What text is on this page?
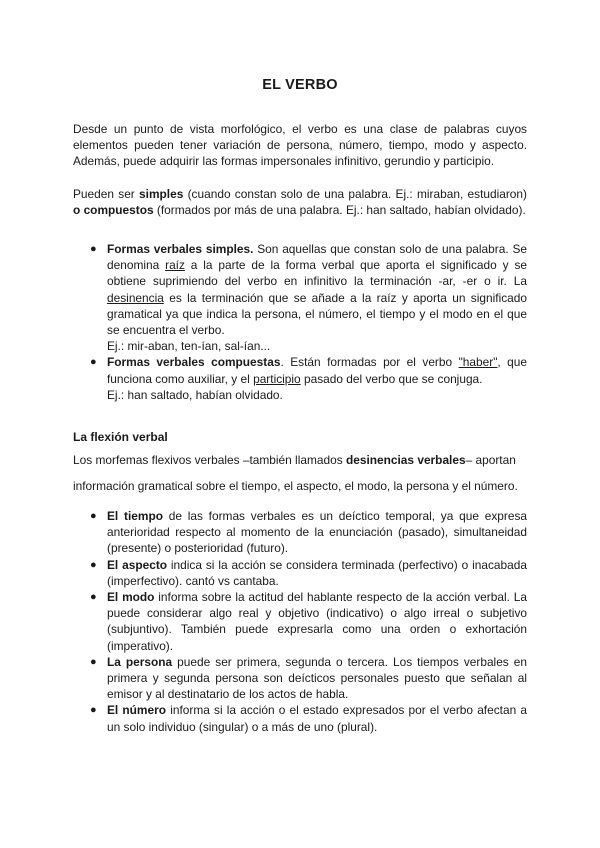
EL VERBO

Desde un punto de vista morfológico, el verbo es una clase de palabras cuyos elementos pueden tener variación de persona, número, tiempo, modo y aspecto. Además, puede adquirir las formas impersonales infinitivo, gerundio y participio.

Pueden ser simples (cuando constan solo de una palabra. Ej.: miraban, estudiaron) o compuestos (formados por más de una palabra. Ej.: han saltado, habían olvidado).

● Formas verbales simples. Son aquellas que constan solo de una palabra. Se denomina raíz a la parte de la forma verbal que aporta el significado y se obtiene suprimiendo del verbo en infinitivo la terminación -ar, -er o ir. La desinencia es la terminación que se añade a la raíz y aporta un significado gramatical ya que indica la persona, el número, el tiempo y el modo en el que se encuentra el verbo.
Ej.: mir-aban, ten-ían, sal-ían...
● Formas verbales compuestas. Están formadas por el verbo "haber", que funciona como auxiliar, y el participio pasado del verbo que se conjuga.
Ej.: han saltado, habían olvidado.
La flexión verbal

Los morfemas flexivos verbales –también llamados desinencias verbales– aportan

información gramatical sobre el tiempo, el aspecto, el modo, la persona y el número.

● El tiempo de las formas verbales es un deíctico temporal, ya que expresa anterioridad respecto al momento de la enunciación (pasado), simultaneidad (presente) o posterioridad (futuro).
● El aspecto indica si la acción se considera terminada (perfectivo) o inacabada (imperfectivo). cantó vs cantaba.
● El modo informa sobre la actitud del hablante respecto de la acción verbal. La puede considerar algo real y objetivo (indicativo) o algo irreal o subjetivo (subjuntivo). También puede expresarla como una orden o exhortación (imperativo).
● La persona puede ser primera, segunda o tercera. Los tiempos verbales en primera y segunda persona son deícticos personales puesto que señalan al emisor y al destinatario de los actos de habla.
● El número informa si la acción o el estado expresados por el verbo afectan a un solo individuo (singular) o a más de uno (plural).
